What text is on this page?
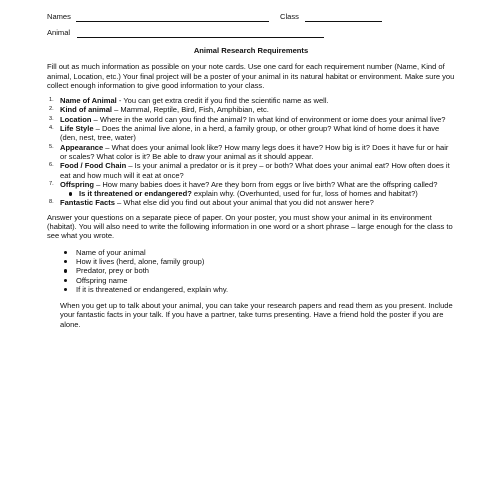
Names	Class
Animal
Animal Research Requirements

Fill out as much information as possible on your note cards. Use one card for each requirement number (Name, Kind of animal, Location, etc.) Your final project will be a poster of your animal in its natural habitat or environment. Make sure you collect enough information to give good information to your class.

1. Name of Animal - You can get extra credit if you find the scientific name as well.
2. Kind of animal – Mammal, Reptile, Bird, Fish, Amphibian, etc.
3. Location – Where in the world can you find the animal? In what kind of environment or iome does your animal live?
4. Life Style – Does the animal live alone, in a herd, a family group, or other group? What kind of home does it have (den, nest, tree, water)
5. Appearance – What does your animal look like? How many legs does it have? How big is it? Does it have fur or hair or scales? What color is it? Be able to draw your animal as it should appear.
6. Food / Food Chain – Is your animal a predator or is it prey – or both? What does your animal eat? How often does it eat and how much will it eat at once?
7. Offspring – How many babies does it have? Are they born from eggs or live birth? What are the offspring called?
Is it threatened or endangered? explain why. (Overhunted, used for fur, loss of homes and habitat?)
8. Fantastic Facts – What else did you find out about your animal that you did not answer here?

Answer your questions on a separate piece of paper. On your poster, you must show your animal in its environment (habitat). You will also need to write the following information in one word or a short phrase – large enough for the class to see what you wrote.

Name of your animal
How it lives (herd, alone, family group)
Predator, prey or both
Offspring name
If it is threatened or endangered, explain why.

When you get up to talk about your animal, you can take your research papers and read them as you present. Include your fantastic facts in your talk. If you have a partner, take turns presenting. Have a friend hold the poster if you are alone.
